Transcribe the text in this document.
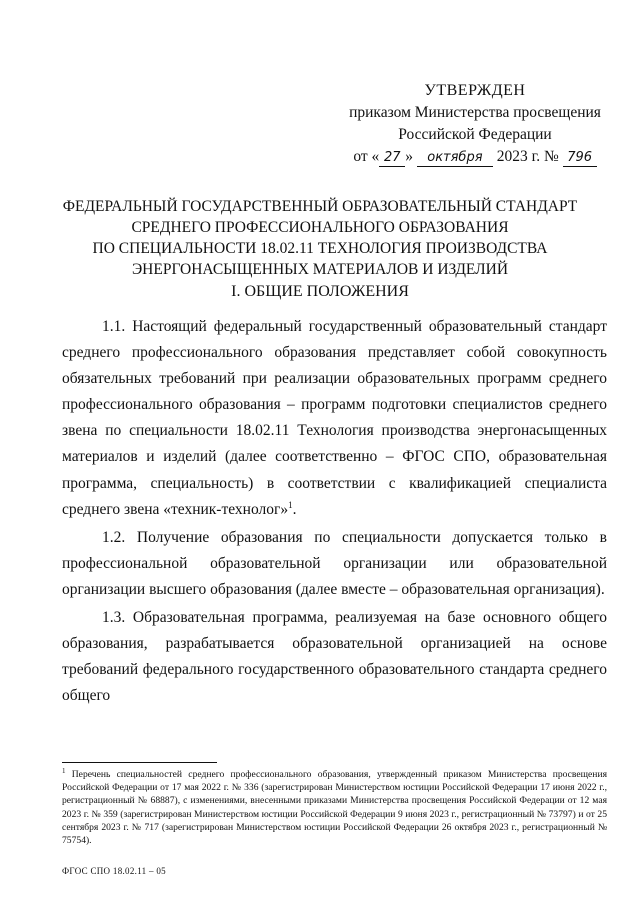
УТВЕРЖДЕН
приказом Министерства просвещения
Российской Федерации
от « 27 » октября 2023 г. № 796
ФЕДЕРАЛЬНЫЙ ГОСУДАРСТВЕННЫЙ ОБРАЗОВАТЕЛЬНЫЙ СТАНДАРТ
СРЕДНЕГО ПРОФЕССИОНАЛЬНОГО ОБРАЗОВАНИЯ
ПО СПЕЦИАЛЬНОСТИ 18.02.11 ТЕХНОЛОГИЯ ПРОИЗВОДСТВА
ЭНЕРГОНАСЫЩЕННЫХ МАТЕРИАЛОВ И ИЗДЕЛИЙ
I. ОБЩИЕ ПОЛОЖЕНИЯ

1.1. Настоящий федеральный государственный образовательный стандарт среднего профессионального образования представляет собой совокупность обязательных требований при реализации образовательных программ среднего профессионального образования – программ подготовки специалистов среднего звена по специальности 18.02.11 Технология производства энергонасыщенных материалов и изделий (далее соответственно – ФГОС СПО, образовательная программа, специальность) в соответствии с квалификацией специалиста среднего звена «техник-технолог»$^1$.

1.2. Получение образования по специальности допускается только в профессиональной образовательной организации или образовательной организации высшего образования (далее вместе – образовательная организация).

1.3. Образовательная программа, реализуемая на базе основного общего образования, разрабатывается образовательной организацией на основе требований федерального государственного образовательного стандарта среднего общего

$^1$ Перечень специальностей среднего профессионального образования, утвержденный приказом Министерства просвещения Российской Федерации от 17 мая 2022 г. № 336 (зарегистрирован Министерством юстиции Российской Федерации 17 июня 2022 г., регистрационный № 68887), с изменениями, внесенными приказами Министерства просвещения Российской Федерации от 12 мая 2023 г. № 359 (зарегистрирован Министерством юстиции Российской Федерации 9 июня 2023 г., регистрационный № 73797) и от 25 сентября 2023 г. № 717 (зарегистрирован Министерством юстиции Российской Федерации 26 октября 2023 г., регистрационный № 75754).
ФГОС СПО 18.02.11 – 05
